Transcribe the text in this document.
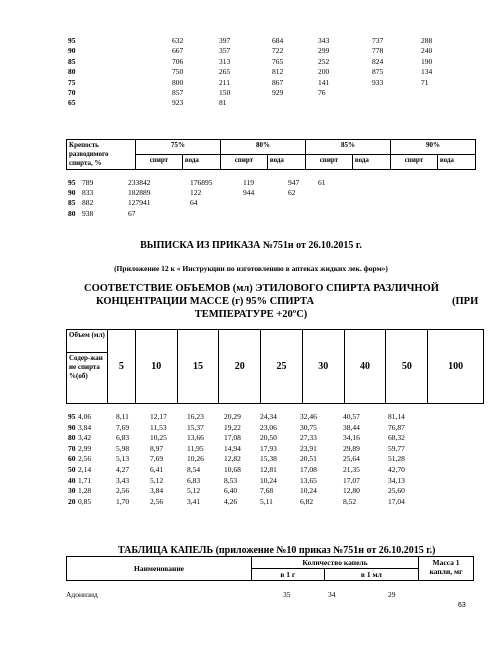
95	632	397	684	343	737	288
90	667	357	722	299	778	240
85	706	313	765	252	824	190
80	750	265	812	200	875	134
75	800	211	867	141	933	71
70	857	150	929	76
65	923	81
Крепость разводимого спирта, %	75%		80%		85%		90%	
	спирт	вода	спирт	вода	спирт	вода	спирт	вода
95 789	233842	176895	119	947	61
90 833	182889	122	944	62
85 882	127941	64
80 938	67
ВЫПИСКА ИЗ ПРИКАЗА №751н от 26.10.2015 г.
(Приложение 12 к « Инструкции по изготовлению в аптеках жидких лек. форм»)
СООТВЕТСТВИЕ ОБЪЕМОВ (мл) ЭТИЛОВОГО СПИРТА РАЗЛИЧНОЙ
КОНЦЕНТРАЦИИ МАССЕ (г) 95% СПИРТА	(ПРИ
ТЕМПЕРАТУРЕ +20ºС)
Объем (мл)	5	10	15	20	25	30	40	50	100
Содер-жание спирта %(об)
95 4,06	8,11	12,17	16,23	20,29	24,34	32,46	40,57	81,14
90 3,84	7,69	11,53	15,37	19,22	23,06	30,75	38,44	76,87
80 3,42	6,83	10,25	13,66	17,08	20,50	27,33	34,16	68,32
70 2,99	5,98	8,97	11,95	14,94	17,93	23,91	29,89	59,77
60 2,56	5,13	7,69	10,26	12,82	15,38	20,51	25,64	51,28
50 2,14	4,27	6,41	8,54	10,68	12,81	17,08	21,35	42,70
40 1,71	3,43	5,12	6,83	8,53	10,24	13,65	17,07	34,13
30 1,28	2,56	3,84	5,12	6,40	7,68	10,24	12,80	25,60
20 0,85	1,70	2,56	3,41	4,26	5,11	6,82	8,52	17,04
ТАБЛИЦА КАПЕЛЬ (приложение №10 приказ №751н от 26.10.2015 г.)
Наименование	Количество капель		Масса 1 капли, мг
	в 1 г	в 1 мл	
Адонизид	35	34	29
63
